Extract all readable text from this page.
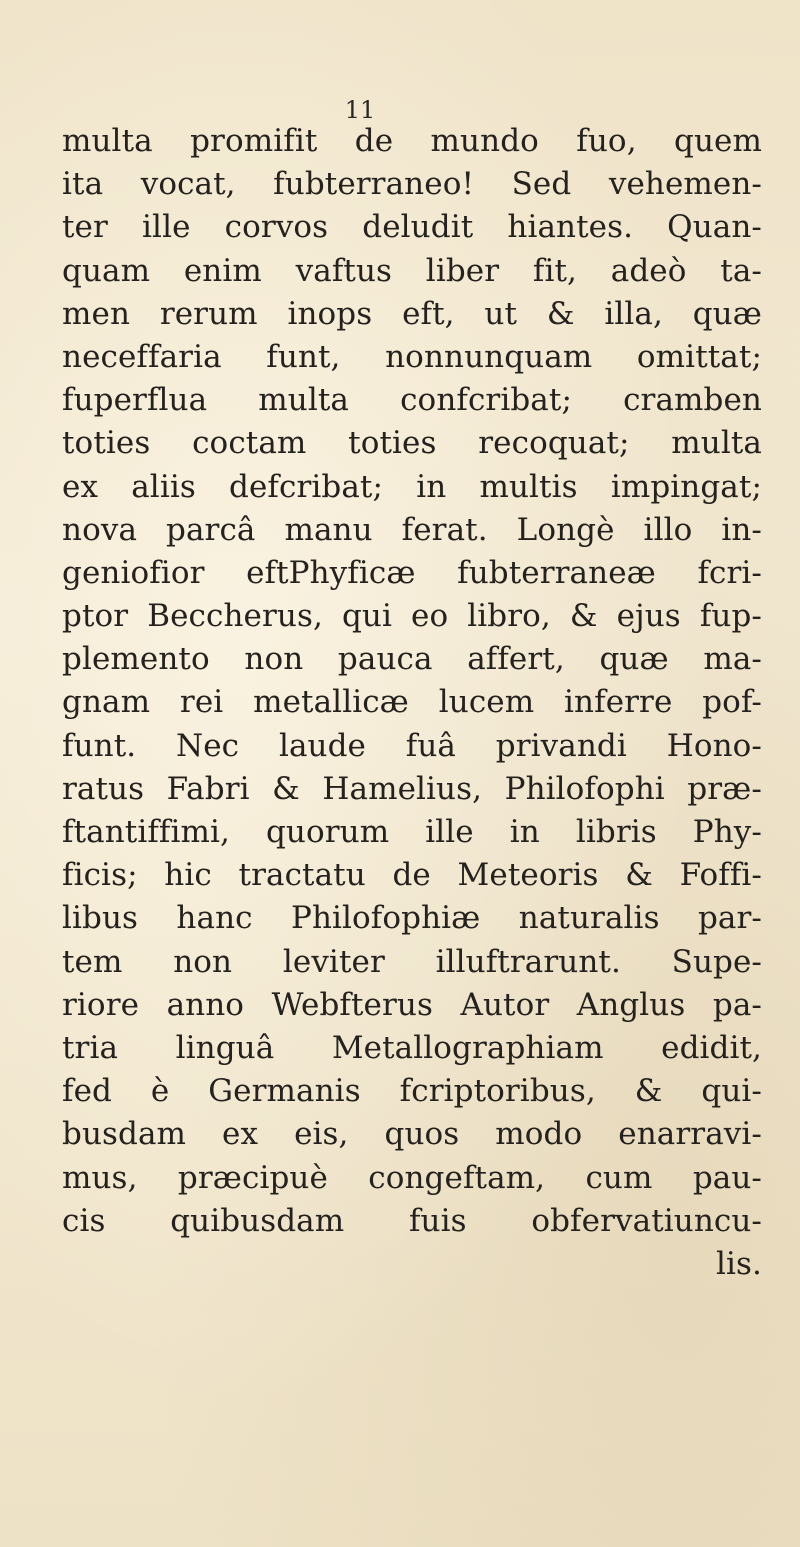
11
multa promifit de mundo fuo, quem
ita vocat, fubterraneo! Sed vehemen-
ter ille corvos deludit hiantes. Quan-
quam enim vaftus liber fit, adeò ta-
men rerum inops eft, ut & illa, quæ
neceffaria funt, nonnunquam omittat;
fuperflua multa confcribat; cramben
toties coctam toties recoquat; multa
ex aliis defcribat; in multis impingat;
nova parcâ manu ferat. Longè illo in-
geniofior eftPhyficæ fubterraneæ fcri-
ptor Beccherus, qui eo libro, & ejus fup-
plemento non pauca affert, quæ ma-
gnam rei metallicæ lucem inferre pof-
funt. Nec laude fuâ privandi Hono-
ratus Fabri & Hamelius, Philofophi præ-
ftantiffimi, quorum ille in libris Phy-
ficis; hic tractatu de Meteoris & Foffi-
libus hanc Philofophiæ naturalis par-
tem non leviter illuftrarunt. Supe-
riore anno Webfterus Autor Anglus pa-
tria linguâ Metallographiam edidit,
fed è Germanis fcriptoribus, & qui-
busdam ex eis, quos modo enarravi-
mus, præcipuè congeftam, cum pau-
cis quibusdam fuis obfervatiuncu-
lis.
